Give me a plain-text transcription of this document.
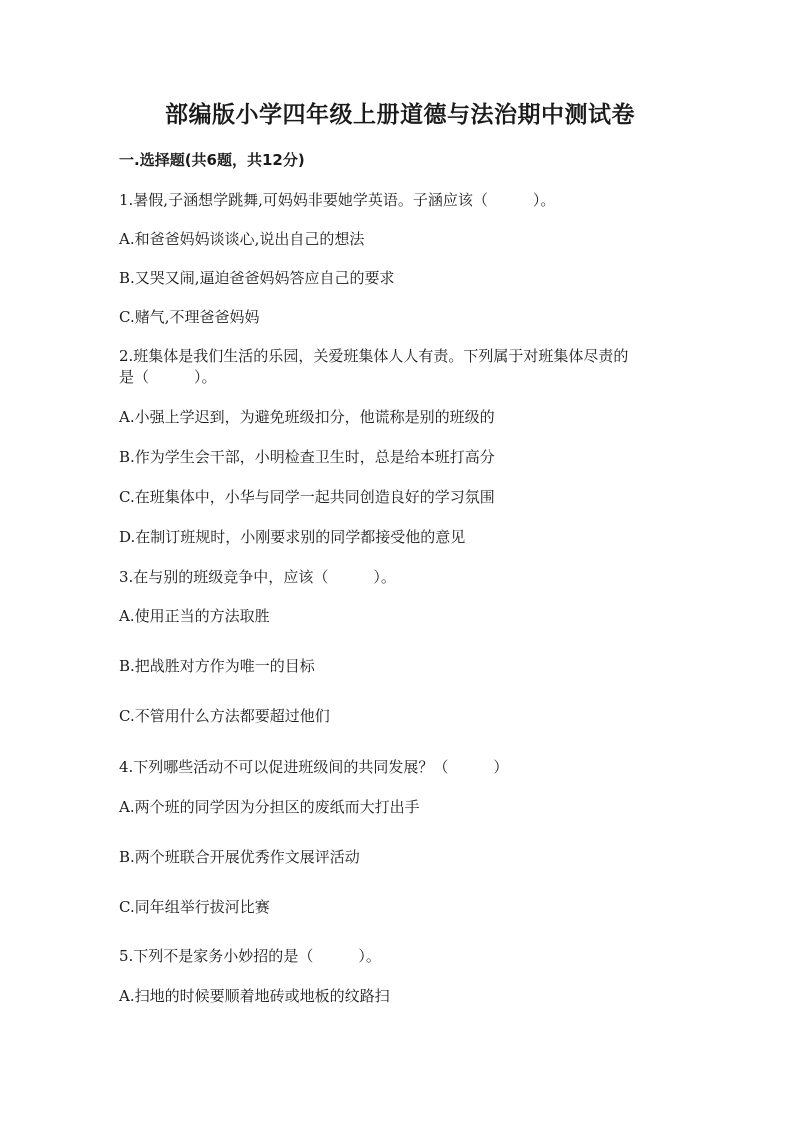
部编版小学四年级上册道德与法治期中测试卷
一.选择题(共6题，共12分)
1.暑假,子涵想学跳舞,可妈妈非要她学英语。子涵应该（　　　）。
A.和爸爸妈妈谈谈心,说出自己的想法
B.又哭又闹,逼迫爸爸妈妈答应自己的要求
C.赌气,不理爸爸妈妈
2.班集体是我们生活的乐园，关爱班集体人人有责。下列属于对班集体尽责的
是（　　　）。
A.小强上学迟到，为避免班级扣分，他谎称是别的班级的
B.作为学生会干部，小明检查卫生时，总是给本班打高分
C.在班集体中，小华与同学一起共同创造良好的学习氛围
D.在制订班规时，小刚要求别的同学都接受他的意见
3.在与别的班级竞争中，应该（　　　）。
A.使用正当的方法取胜
B.把战胜对方作为唯一的目标
C.不管用什么方法都要超过他们
4.下列哪些活动不可以促进班级间的共同发展？（　　　）
A.两个班的同学因为分担区的废纸而大打出手
B.两个班联合开展优秀作文展评活动
C.同年组举行拔河比赛
5.下列不是家务小妙招的是（　　　）。
A.扫地的时候要顺着地砖或地板的纹路扫
